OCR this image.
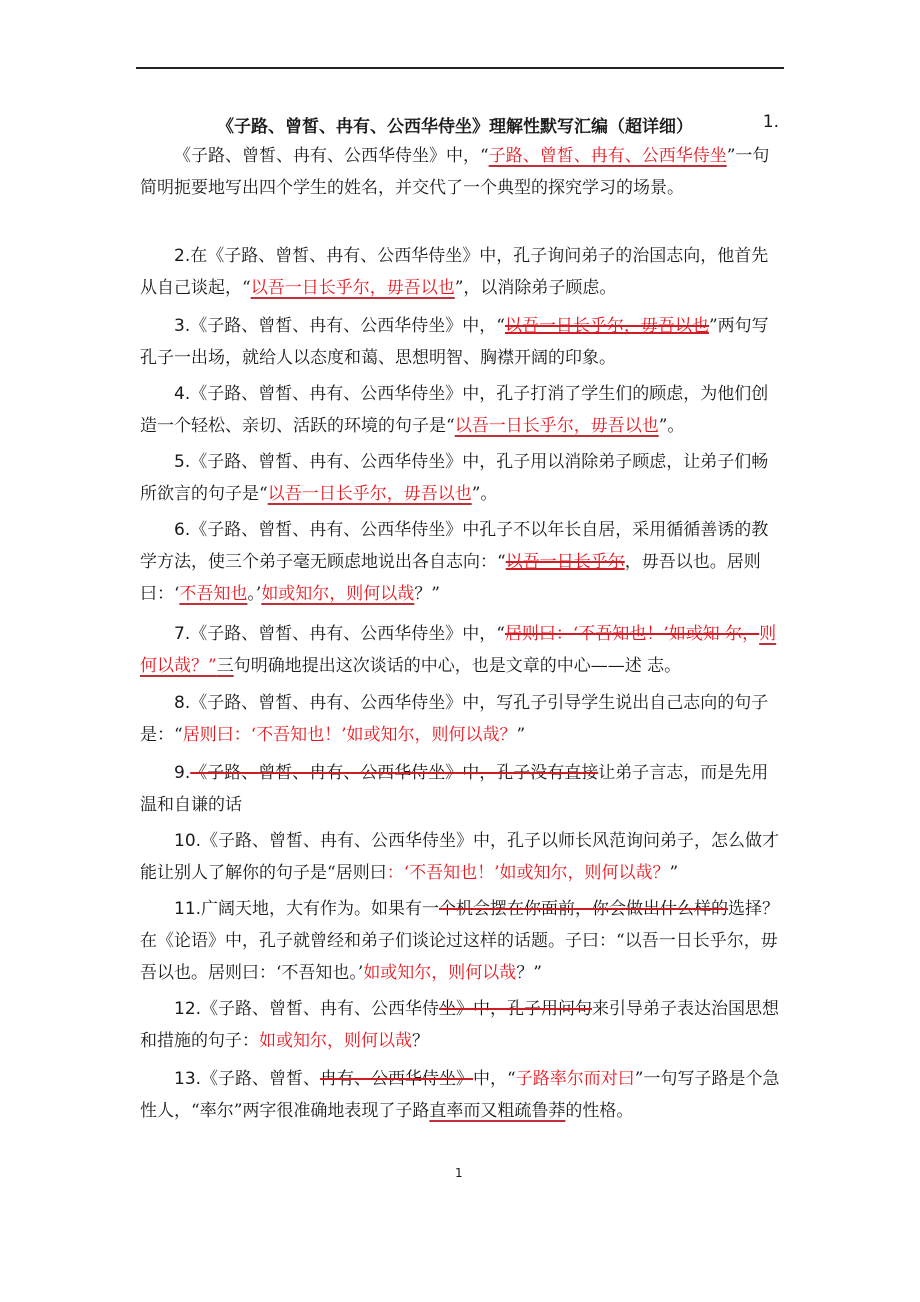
《子路、曾皙、冉有、公西华侍坐》理解性默写汇编（超详细）	1.
《子路、曾皙、冉有、公西华侍坐》中，“子路、曾皙、冉有、公西华侍坐”一句简明扼要地写出四个学生的姓名，并交代了一个典型的探究学习的场景。
2.在《子路、曾皙、冉有、公西华侍坐》中，孔子询问弟子的治国志向，他首先从自己谈起，“以吾一日长乎尔，毋吾以也”，以消除弟子顾虑。
3.《子路、曾皙、冉有、公西华侍坐》中，“以吾一日长乎尔，毋吾以也”两句写孔子一出场，就给人以态度和蔼、思想明智、胸襟开阔的印象。
4.《子路、曾皙、冉有、公西华侍坐》中，孔子打消了学生们的顾虑，为他们创造一个轻松、亲切、活跃的环境的句子是“以吾一日长乎尔，毋吾以也”。
5.《子路、曾皙、冉有、公西华侍坐》中，孔子用以消除弟子顾虑，让弟子们畅所欲言的句子是“以吾一日长乎尔，毋吾以也”。
6.《子路、曾皙、冉有、公西华侍坐》中孔子不以年长自居，采用循循善诱的教学方法，使三个弟子毫无顾虑地说出各自志向：“以吾一日长乎尔，毋吾以也。居则曰：‘不吾知也。’如或知尔，则何以哉？”
7.《子路、曾皙、冉有、公西华侍坐》中，“居则曰：‘不吾知也！’如或知 尔，则何以哉？”三句明确地提出这次谈话的中心，也是文章的中心——述 志。
8.《子路、曾皙、冉有、公西华侍坐》中，写孔子引导学生说出自己志向的句子是：“居则曰：‘不吾知也！’如或知尔，则何以哉？”
9.《子路、曾皙、冉有、公西华侍坐》中，孔子没有直接让弟子言志，而是先用温和自谦的话
10.《子路、曾皙、冉有、公西华侍坐》中，孔子以师长风范询问弟子，怎么做才能让别人了解你的句子是“居则曰：‘不吾知也！’如或知尔，则何以哉？”
11.广阔天地，大有作为。如果有一个机会摆在你面前，你会做出什么样的选择？在《论语》中，孔子就曾经和弟子们谈论过这样的话题。子曰：“以吾一日长乎尔，毋吾以也。居则曰：‘不吾知也。’如或知尔，则何以哉？”
12.《子路、曾皙、冉有、公西华侍坐》中，孔子用问句来引导弟子表达治国思想和措施的句子：如或知尔，则何以哉？
13.《子路、曾皙、冉有、公西华侍坐》中，“子路率尔而对曰”一句写子路是个急性人，“率尔”两字很准确地表现了子路直率而又粗疏鲁莽的性格。
1
